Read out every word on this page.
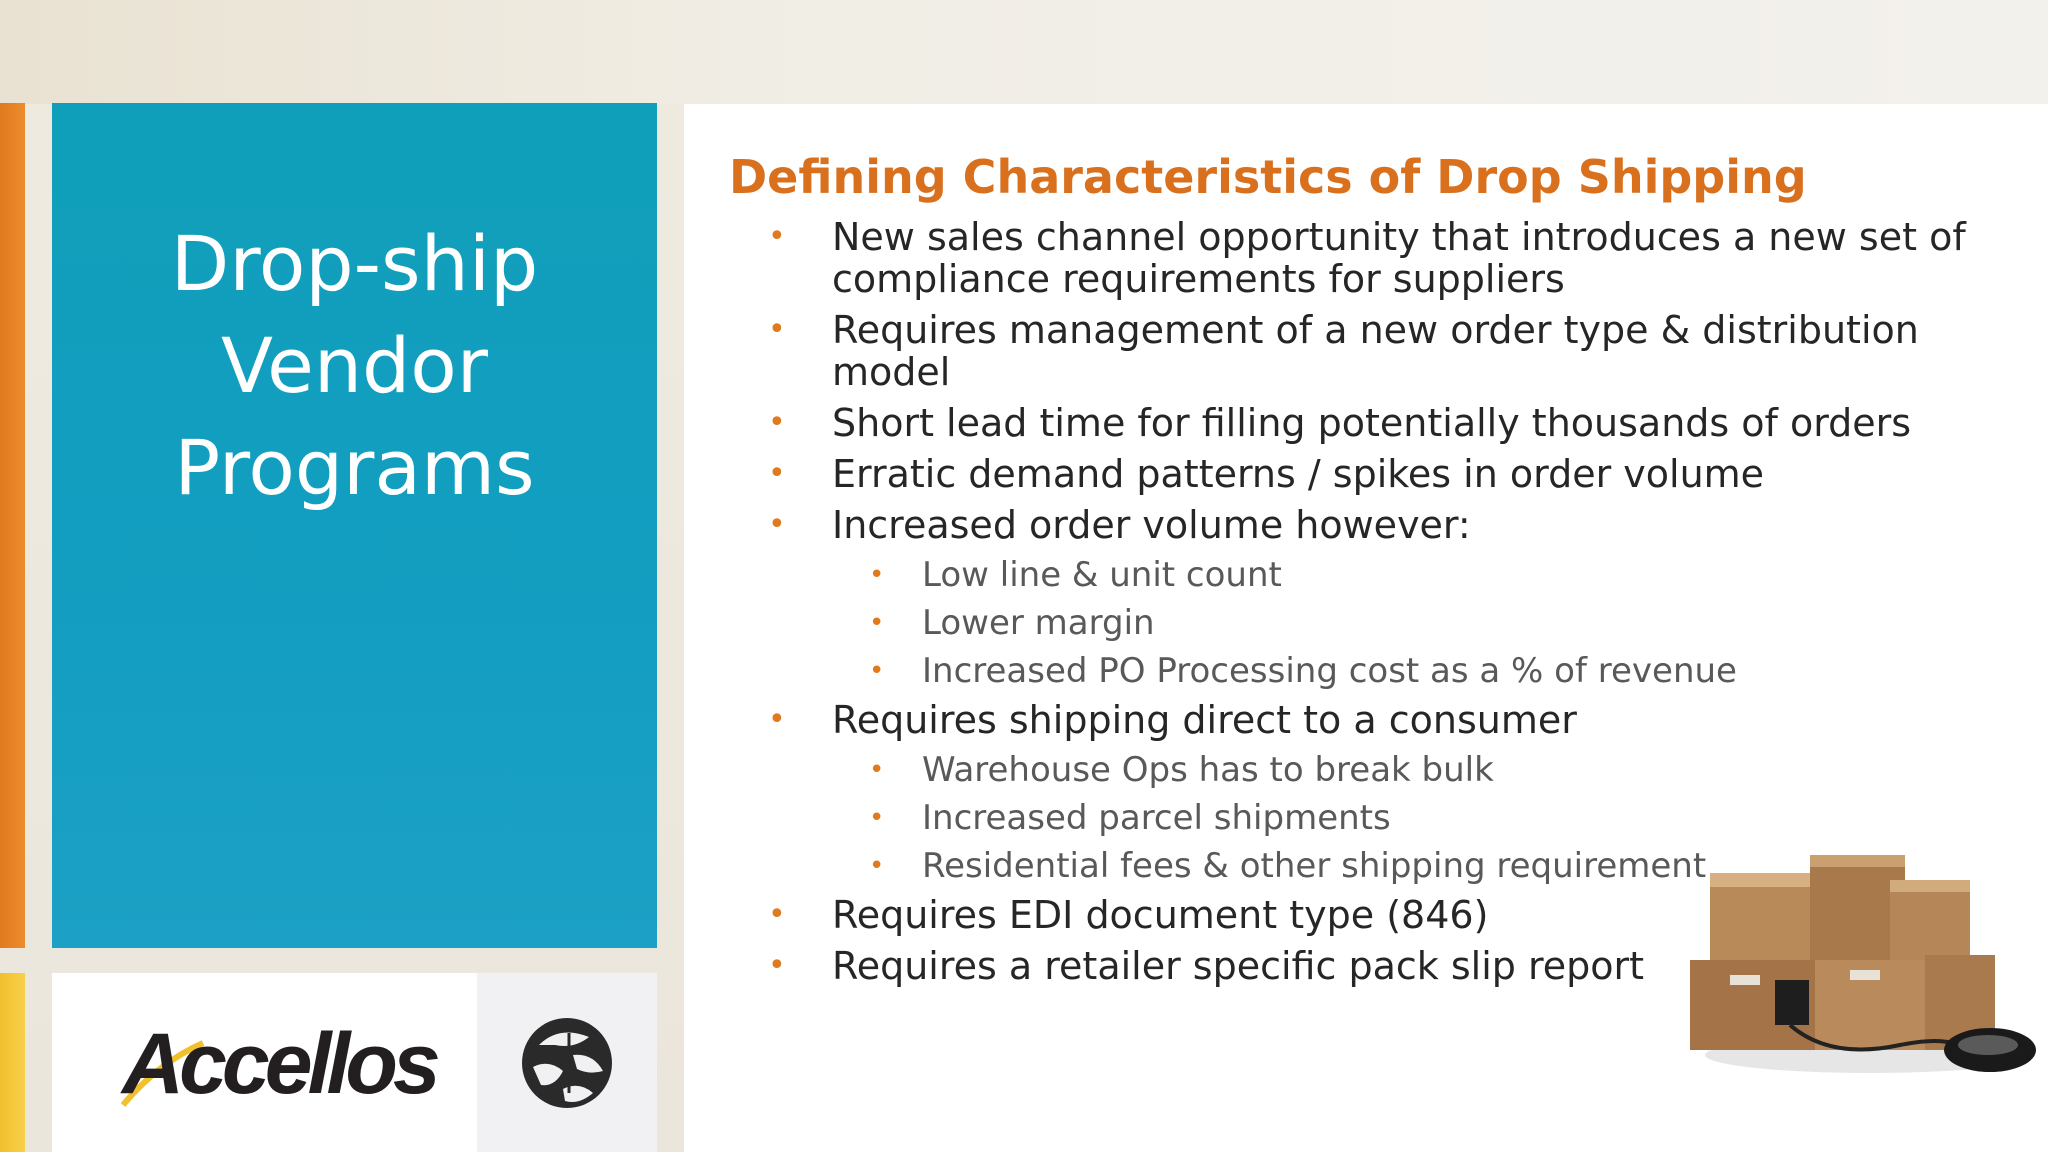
Drop-ship
Vendor
Programs
Accellos
Defining Characteristics of Drop Shipping
• New sales channel opportunity that introduces a new set of compliance requirements for suppliers
• Requires management of a new order type & distribution model
• Short lead time for filling potentially thousands of orders
• Erratic demand patterns / spikes in order volume
• Increased order volume however:
• Low line & unit count
• Lower margin
• Increased PO Processing cost as a % of revenue
• Requires shipping direct to a consumer
• Warehouse Ops has to break bulk
• Increased parcel shipments
• Residential fees & other shipping requirement
• Requires EDI document type (846)
• Requires a retailer specific pack slip report
